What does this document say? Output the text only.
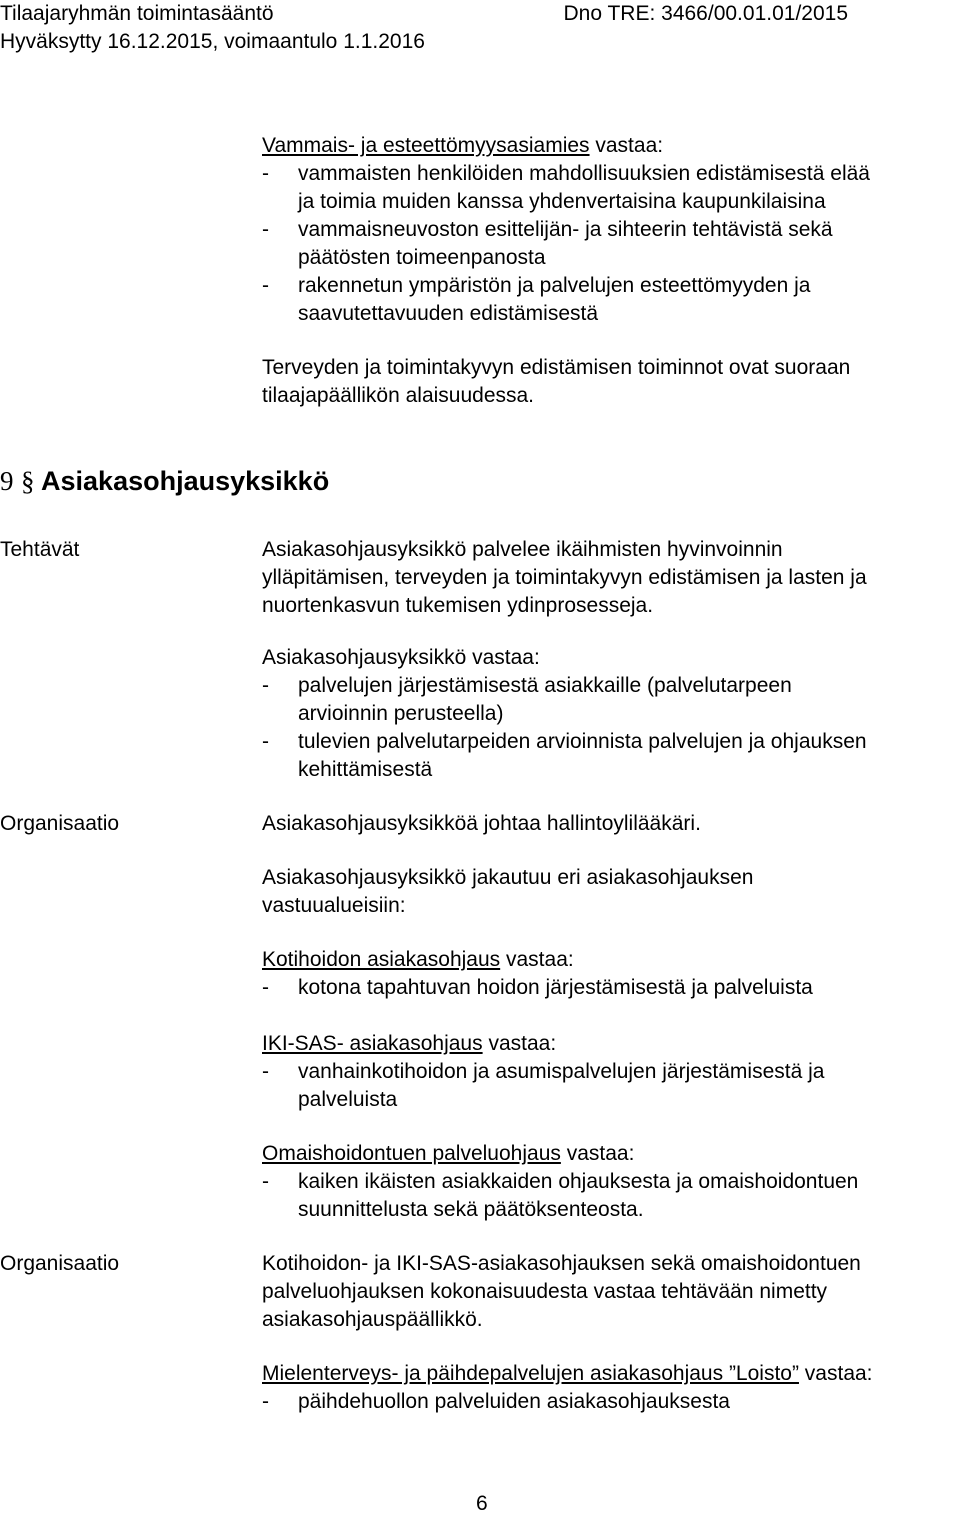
Tilaajaryhmän toimintasääntö	Dno TRE: 3466/00.01.01/2015
Hyväksytty 16.12.2015, voimaantulo 1.1.2016
Vammais- ja esteettömyysasiamies vastaa:
- vammaisten henkilöiden mahdollisuuksien edistämisestä elää
ja toimia muiden kanssa yhdenvertaisina kaupunkilaisina
- vammaisneuvoston esittelijän- ja sihteerin tehtävistä sekä
päätösten toimeenpanosta
- rakennetun ympäristön ja palvelujen esteettömyyden ja
saavutettavuuden edistämisestä
Terveyden ja toimintakyvyn edistämisen toiminnot ovat suoraan
tilaajapäällikön alaisuudessa.
9 § Asiakasohjausyksikkö
Tehtävät	Asiakasohjausyksikkö palvelee ikäihmisten hyvinvoinnin
ylläpitämisen, terveyden ja toimintakyvyn edistämisen ja lasten ja
nuortenkasvun tukemisen ydinprosesseja.
Asiakasohjausyksikkö vastaa:
- palvelujen järjestämisestä asiakkaille (palvelutarpeen
arvioinnin perusteella)
- tulevien palvelutarpeiden arvioinnista palvelujen ja ohjauksen
kehittämisestä
Organisaatio	Asiakasohjausyksikköä johtaa hallintoylilääkäri.
Asiakasohjausyksikkö jakautuu eri asiakasohjauksen
vastuualueisiin:
Kotihoidon asiakasohjaus vastaa:
- kotona tapahtuvan hoidon järjestämisestä ja palveluista
IKI-SAS- asiakasohjaus vastaa:
- vanhainkotihoidon ja asumispalvelujen järjestämisestä ja
palveluista
Omaishoidontuen palveluohjaus vastaa:
- kaiken ikäisten asiakkaiden ohjauksesta ja omaishoidontuen
suunnittelusta sekä päätöksenteosta.
Organisaatio	Kotihoidon- ja IKI-SAS-asiakasohjauksen sekä omaishoidontuen
palveluohjauksen kokonaisuudesta vastaa tehtävään nimetty
asiakasohjauspäällikkö.
Mielenterveys- ja päihdepalvelujen asiakasohjaus ”Loisto” vastaa:
- päihdehuollon palveluiden asiakasohjauksesta
6
